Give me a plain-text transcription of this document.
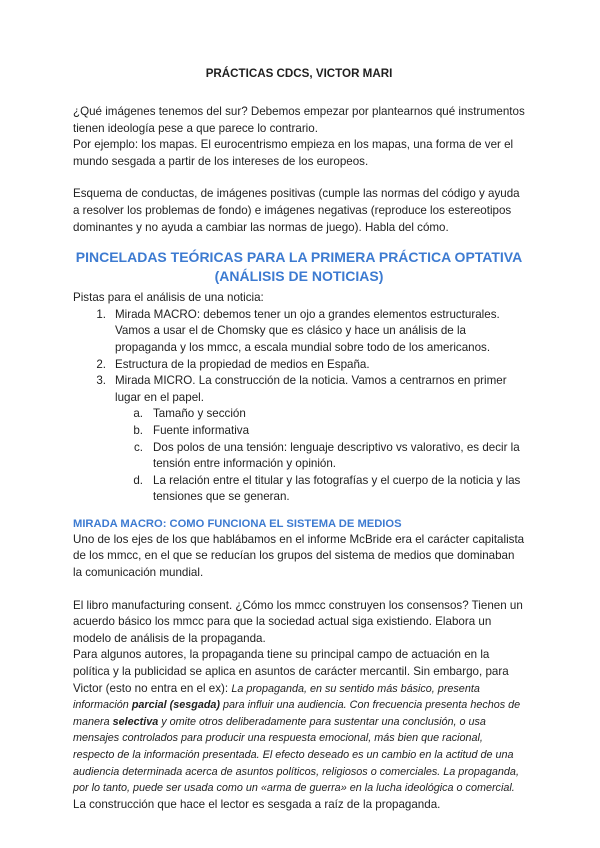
PRÁCTICAS CDCS, VICTOR MARI

¿Qué imágenes tenemos del sur? Debemos empezar por plantearnos qué instrumentos tienen ideología pese a que parece lo contrario.

Por ejemplo: los mapas. El eurocentrismo empieza en los mapas, una forma de ver el mundo sesgada a partir de los intereses de los europeos.

Esquema de conductas, de imágenes positivas (cumple las normas del código y ayuda a resolver los problemas de fondo) e imágenes negativas (reproduce los estereotipos dominantes y no ayuda a cambiar las normas de juego). Habla del cómo.

PINCELADAS TEÓRICAS PARA LA PRIMERA PRÁCTICA OPTATIVA (ANÁLISIS DE NOTICIAS)

Pistas para el análisis de una noticia:

1. Mirada MACRO: debemos tener un ojo a grandes elementos estructurales. Vamos a usar el de Chomsky que es clásico y hace un análisis de la propaganda y los mmcc, a escala mundial sobre todo de los americanos.
2. Estructura de la propiedad de medios en España.
3. Mirada MICRO. La construcción de la noticia. Vamos a centrarnos en primer lugar en el papel.
a. Tamaño y sección
b. Fuente informativa
c. Dos polos de una tensión: lenguaje descriptivo vs valorativo, es decir la tensión entre información y opinión.
d. La relación entre el titular y las fotografías y el cuerpo de la noticia y las tensiones que se generan.
MIRADA MACRO: COMO FUNCIONA EL SISTEMA DE MEDIOS

Uno de los ejes de los que hablábamos en el informe McBride era el carácter capitalista de los mmcc, en el que se reducían los grupos del sistema de medios que dominaban la comunicación mundial.

El libro manufacturing consent. ¿Cómo los mmcc construyen los consensos? Tienen un acuerdo básico los mmcc para que la sociedad actual siga existiendo. Elabora un modelo de análisis de la propaganda.

Para algunos autores, la propaganda tiene su principal campo de actuación en la política y la publicidad se aplica en asuntos de carácter mercantil. Sin embargo, para Victor (esto no entra en el ex): La propaganda, en su sentido más básico, presenta información parcial (sesgada) para influir una audiencia. Con frecuencia presenta hechos de manera selectiva y omite otros deliberadamente para sustentar una conclusión, o usa mensajes controlados para producir una respuesta emocional, más bien que racional, respecto de la información presentada. El efecto deseado es un cambio en la actitud de una audiencia determinada acerca de asuntos políticos, religiosos o comerciales. La propaganda, por lo tanto, puede ser usada como un «arma de guerra» en la lucha ideológica o comercial.

La construcción que hace el lector es sesgada a raíz de la propaganda.
